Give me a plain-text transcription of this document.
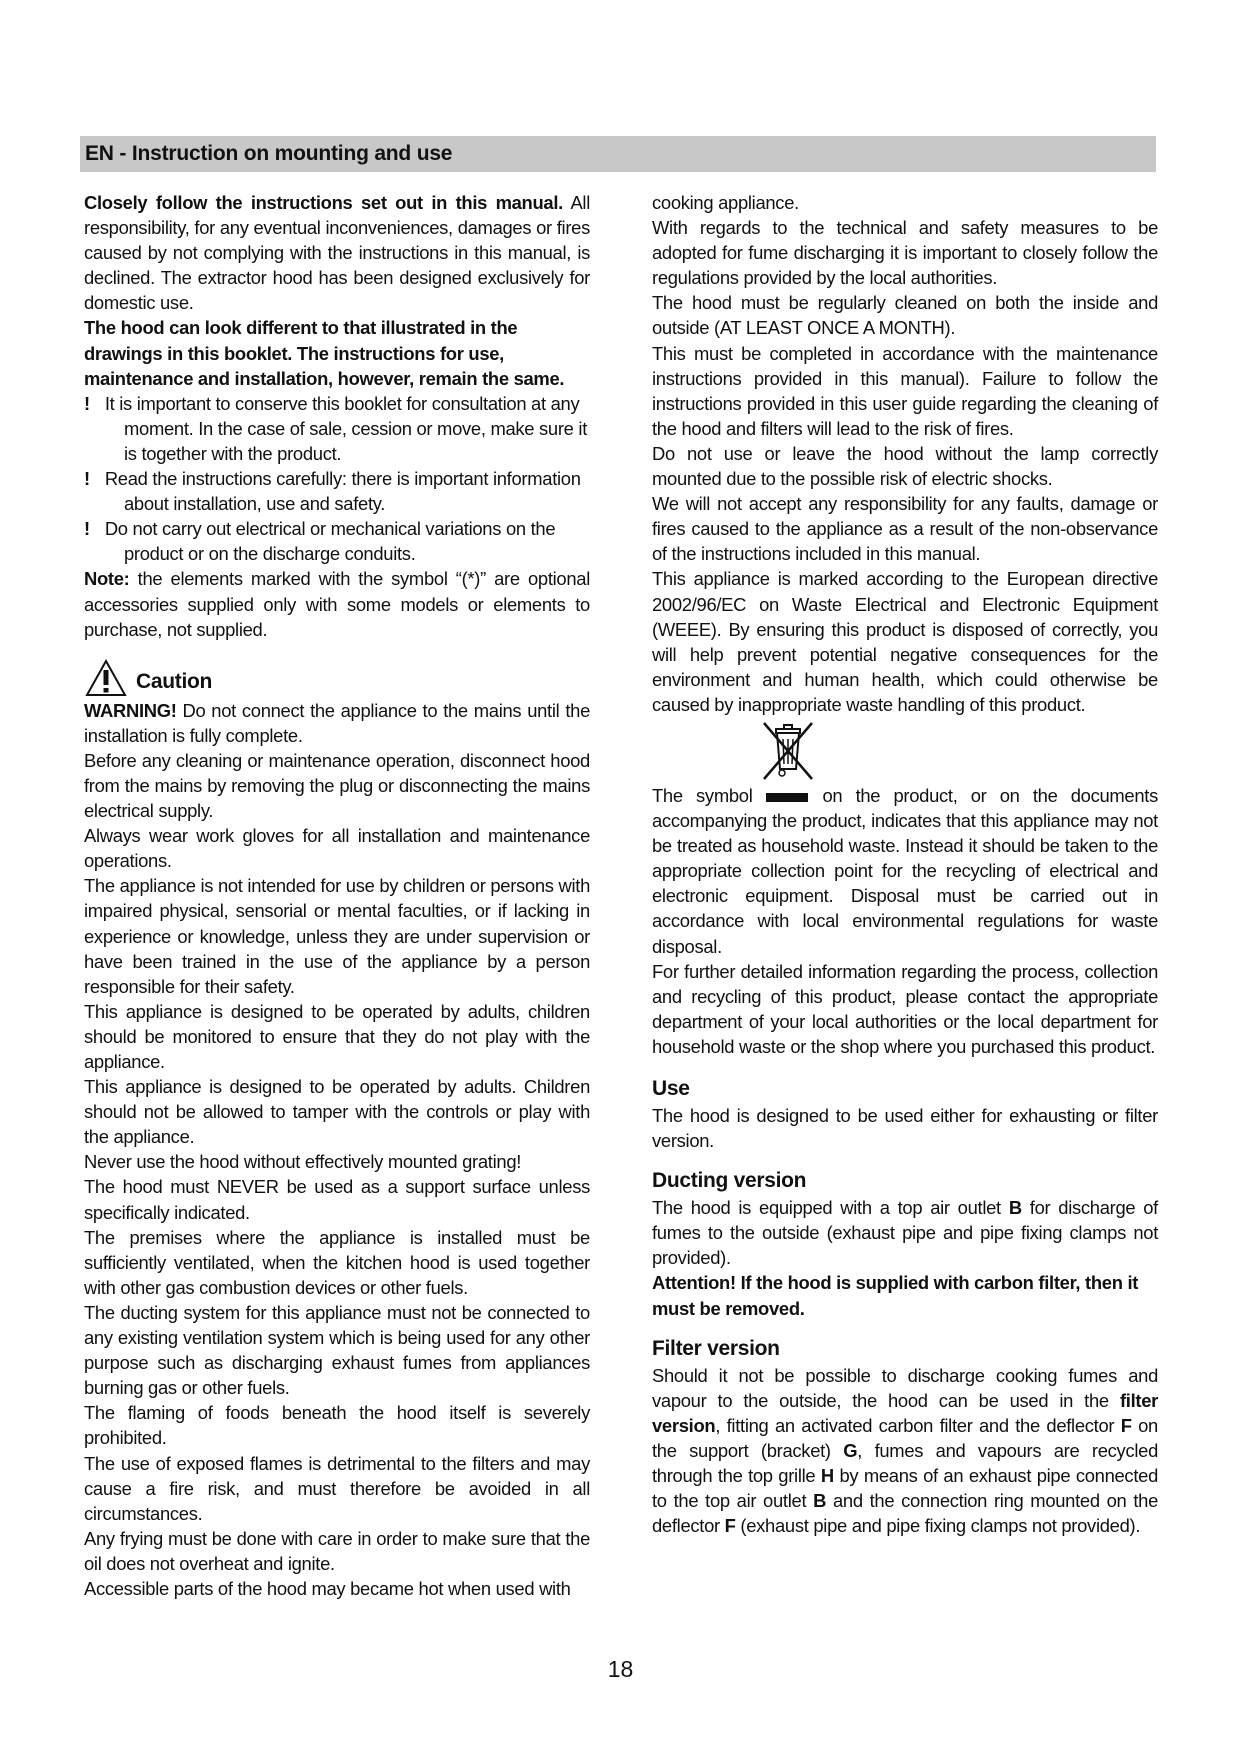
EN - Instruction on mounting and use

Closely follow the instructions set out in this manual. All responsibility, for any eventual inconveniences, damages or fires caused by not complying with the instructions in this manual, is declined. The extractor hood has been designed exclusively for domestic use.

The hood can look different to that illustrated in the drawings in this booklet. The instructions for use, maintenance and installation, however, remain the same.

! It is important to conserve this booklet for consultation at any moment. In the case of sale, cession or move, make sure it is together with the product.

! Read the instructions carefully: there is important information about installation, use and safety.

! Do not carry out electrical or mechanical variations on the product or on the discharge conduits.

Note: the elements marked with the symbol “(*)” are optional accessories supplied only with some models or elements to purchase, not supplied.

Caution

WARNING! Do not connect the appliance to the mains until the installation is fully complete.

Before any cleaning or maintenance operation, disconnect hood from the mains by removing the plug or disconnecting the mains electrical supply.

Always wear work gloves for all installation and maintenance operations.

The appliance is not intended for use by children or persons with impaired physical, sensorial or mental faculties, or if lacking in experience or knowledge, unless they are under supervision or have been trained in the use of the appliance by a person responsible for their safety.

This appliance is designed to be operated by adults, children should be monitored to ensure that they do not play with the appliance.

This appliance is designed to be operated by adults. Children should not be allowed to tamper with the controls or play with the appliance.

Never use the hood without effectively mounted grating!

The hood must NEVER be used as a support surface unless specifically indicated.

The premises where the appliance is installed must be sufficiently ventilated, when the kitchen hood is used together with other gas combustion devices or other fuels.

The ducting system for this appliance must not be connected to any existing ventilation system which is being used for any other purpose such as discharging exhaust fumes from appliances burning gas or other fuels.

The flaming of foods beneath the hood itself is severely prohibited.

The use of exposed flames is detrimental to the filters and may cause a fire risk, and must therefore be avoided in all circumstances.

Any frying must be done with care in order to make sure that the oil does not overheat and ignite.

Accessible parts of the hood may became hot when used with

cooking appliance.

With regards to the technical and safety measures to be adopted for fume discharging it is important to closely follow the regulations provided by the local authorities.

The hood must be regularly cleaned on both the inside and outside (AT LEAST ONCE A MONTH).

This must be completed in accordance with the maintenance instructions provided in this manual). Failure to follow the instructions provided in this user guide regarding the cleaning of the hood and filters will lead to the risk of fires.

Do not use or leave the hood without the lamp correctly mounted due to the possible risk of electric shocks.

We will not accept any responsibility for any faults, damage or fires caused to the appliance as a result of the non-observance of the instructions included in this manual.

This appliance is marked according to the European directive 2002/96/EC on Waste Electrical and Electronic Equipment (WEEE). By ensuring this product is disposed of correctly, you will help prevent potential negative consequences for the environment and human health, which could otherwise be caused by inappropriate waste handling of this product.

The symbol	on the product, or on the documents accompanying the product, indicates that this appliance may not be treated as household waste. Instead it should be taken to the appropriate collection point for the recycling of electrical and electronic equipment. Disposal must be carried out in accordance with local environmental regulations for waste disposal.

For further detailed information regarding the process, collection and recycling of this product, please contact the appropriate department of your local authorities or the local department for household waste or the shop where you purchased this product.

Use

The hood is designed to be used either for exhausting or filter version.

Ducting version

The hood is equipped with a top air outlet B for discharge of fumes to the outside (exhaust pipe and pipe fixing clamps not provided).

Attention! If the hood is supplied with carbon filter, then it must be removed.

Filter version

Should it not be possible to discharge cooking fumes and vapour to the outside, the hood can be used in the filter version, fitting an activated carbon filter and the deflector F on the support (bracket) G, fumes and vapours are recycled through the top grille H by means of an exhaust pipe connected to the top air outlet B and the connection ring mounted on the deflector F (exhaust pipe and pipe fixing clamps not provided).

18
